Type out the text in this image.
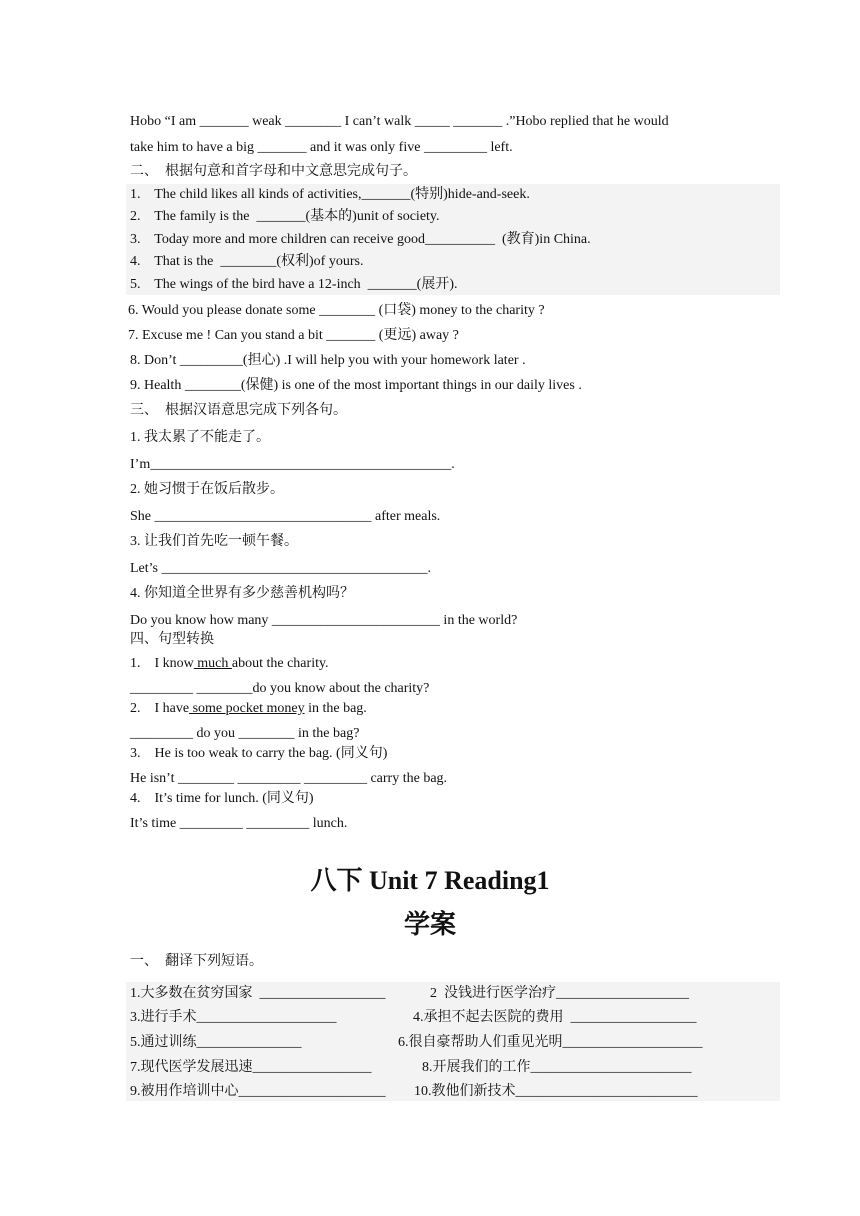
Hobo “I am _______ weak ________ I can’t walk _____ _______ .”Hobo replied that he would
take him to have a big _______ and it was only five _________ left.
二、  根据句意和首字母和中文意思完成句子。
1.    The child likes all kinds of activities,_______(特别)hide-and-seek.
2.    The family is the  _______(基本的)unit of society.
3.    Today more and more children can receive good__________  (教育)in China.
4.    That is the  ________(权利)of yours.
5.    The wings of the bird have a 12-inch  _______(展开).
6. Would you please donate some ________ (口袋) money to the charity ?
7. Excuse me ! Can you stand a bit _______ (更远) away ?
8. Don’t _________(担心) .I will help you with your homework later .
9. Health ________(保健) is one of the most important things in our daily lives .
三、  根据汉语意思完成下列各句。
1. 我太累了不能走了。
I’m___________________________________________.
2. 她习惯于在饭后散步。
She _______________________________ after meals.
3. 让我们首先吃一顿午餐。
Let’s ______________________________________.
4. 你知道全世界有多少慈善机构吗？
Do you know how many ________________________ in the world?
四、句型转换
1.    I know much about the charity.
_________ ________do you know about the charity?
2.    I have some pocket money in the bag.
_________ do you ________ in the bag?
3.    He is too weak to carry the bag. (同义句)
He isn’t ________ _________ _________ carry the bag.
4.    It’s time for lunch. (同义句)
It’s time _________ _________ lunch.
八下 Unit 7 Reading1
学案
一、  翻译下列短语。
1.大多数在贫穷国家  __________________	2  没钱进行医学治疗___________________
3.进行手术____________________	4.承担不起去医院的费用  __________________
5.通过训练_______________	6.很自豪帮助人们重见光明____________________
7.现代医学发展迅速_________________	8.开展我们的工作_______________________
9.被用作培训中心_____________________ 10.教他们新技术__________________________
